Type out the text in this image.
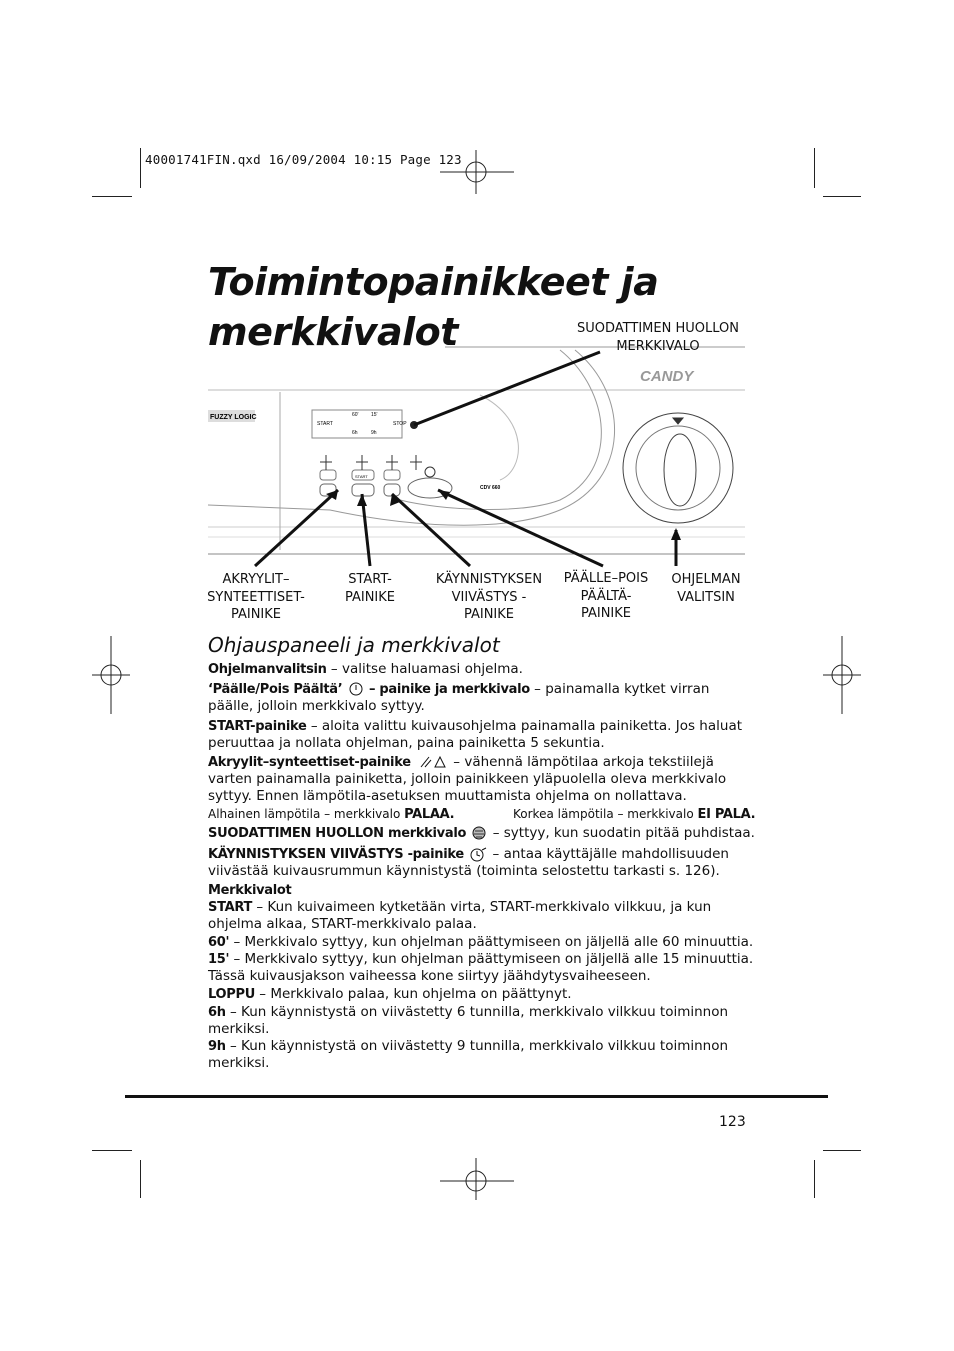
40001741FIN.qxd 16/09/2004 10:15 Page 123
Toimintopainikkeet ja
merkkivalot
FUZZY LOGIC
CANDY
CDV 660
START	STOP
60' 15'
6h	9h
START
SUODATTIMEN HUOLLON
MERKKIVALO
AKRYYLIT–
SYNTEETTISET-
PAINIKE
START-
PAINIKE
KÄYNNISTYKSEN
VIIVÄSTYS -
PAINIKE
PÄÄLLE–POIS
PÄÄLTÄ-
PAINIKE
OHJELMAN
VALITSIN
Ohjauspaneeli ja merkkivalot
Ohjelmanvalitsin – valitse haluamasi ohjelma.
‘Päälle/Pois Päältä’  – painike ja merkkivalo – painamalla kytket virran päälle, jolloin merkkivalo syttyy.
START-painike – aloita valittu kuivausohjelma painamalla painiketta. Jos haluat peruuttaa ja nollata ohjelman, paina painiketta 5 sekuntia.
Akryylit–synteettiset-painike	– vähennä lämpötilaa arkoja tekstiilejä varten painamalla painiketta, jolloin painikkeen yläpuolella oleva merkkivalo syttyy. Ennen lämpötila-asetuksen muuttamista ohjelma on nollattava.
Alhainen lämpötila – merkkivalo PALAA.	Korkea lämpötila – merkkivalo EI PALA.
SUODATTIMEN HUOLLON merkkivalo  – syttyy, kun suodatin pitää puhdistaa.
KÄYNNISTYKSEN VIIVÄSTYS -painike  – antaa käyttäjälle mahdollisuuden viivästää kuivausrummun käynnistystä (toiminta selostettu tarkasti s. 126).
Merkkivalot
START – Kun kuivaimeen kytketään virta, START-merkkivalo vilkkuu, ja kun ohjelma alkaa, START-merkkivalo palaa.
60' – Merkkivalo syttyy, kun ohjelman päättymiseen on jäljellä alle 60 minuuttia.
15' – Merkkivalo syttyy, kun ohjelman päättymiseen on jäljellä alle 15 minuuttia. Tässä kuivausjakson vaiheessa kone siirtyy jäähdytysvaiheeseen.
LOPPU – Merkkivalo palaa, kun ohjelma on päättynyt.
6h – Kun käynnistystä on viivästetty 6 tunnilla, merkkivalo vilkkuu toiminnon merkiksi.
9h – Kun käynnistystä on viivästetty 9 tunnilla, merkkivalo vilkkuu toiminnon merkiksi.
123
